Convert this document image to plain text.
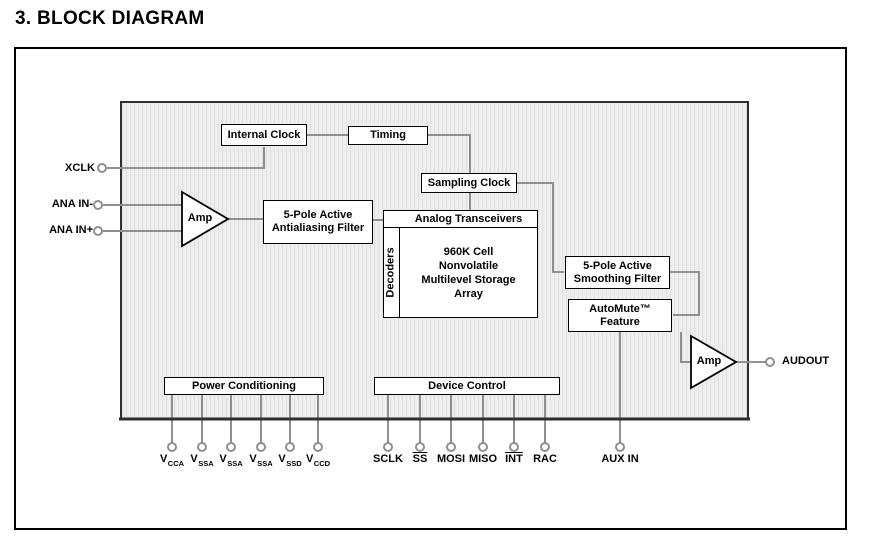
3. BLOCK DIAGRAM
Internal Clock	Timing
Sampling Clock
5-Pole Active
Antialiasing Filter
Analog Transceivers
Decoders	960K Cell
Nonvolatile
Multilevel Storage
Array
5-Pole Active
Smoothing Filter
AutoMute™
Feature
Power Conditioning	Device Control
Amp
Amp
XCLK
ANA IN-
ANA IN+
AUDOUT
$V_{CCA}$ $V_{SSA}$ $V_{SSA}$ $V_{SSA}$ $V_{SSD}$ $V_{CCD}$	SCLK $\overline{SS}$ MOSI MISO $\overline{INT}$ RAC	AUX IN
